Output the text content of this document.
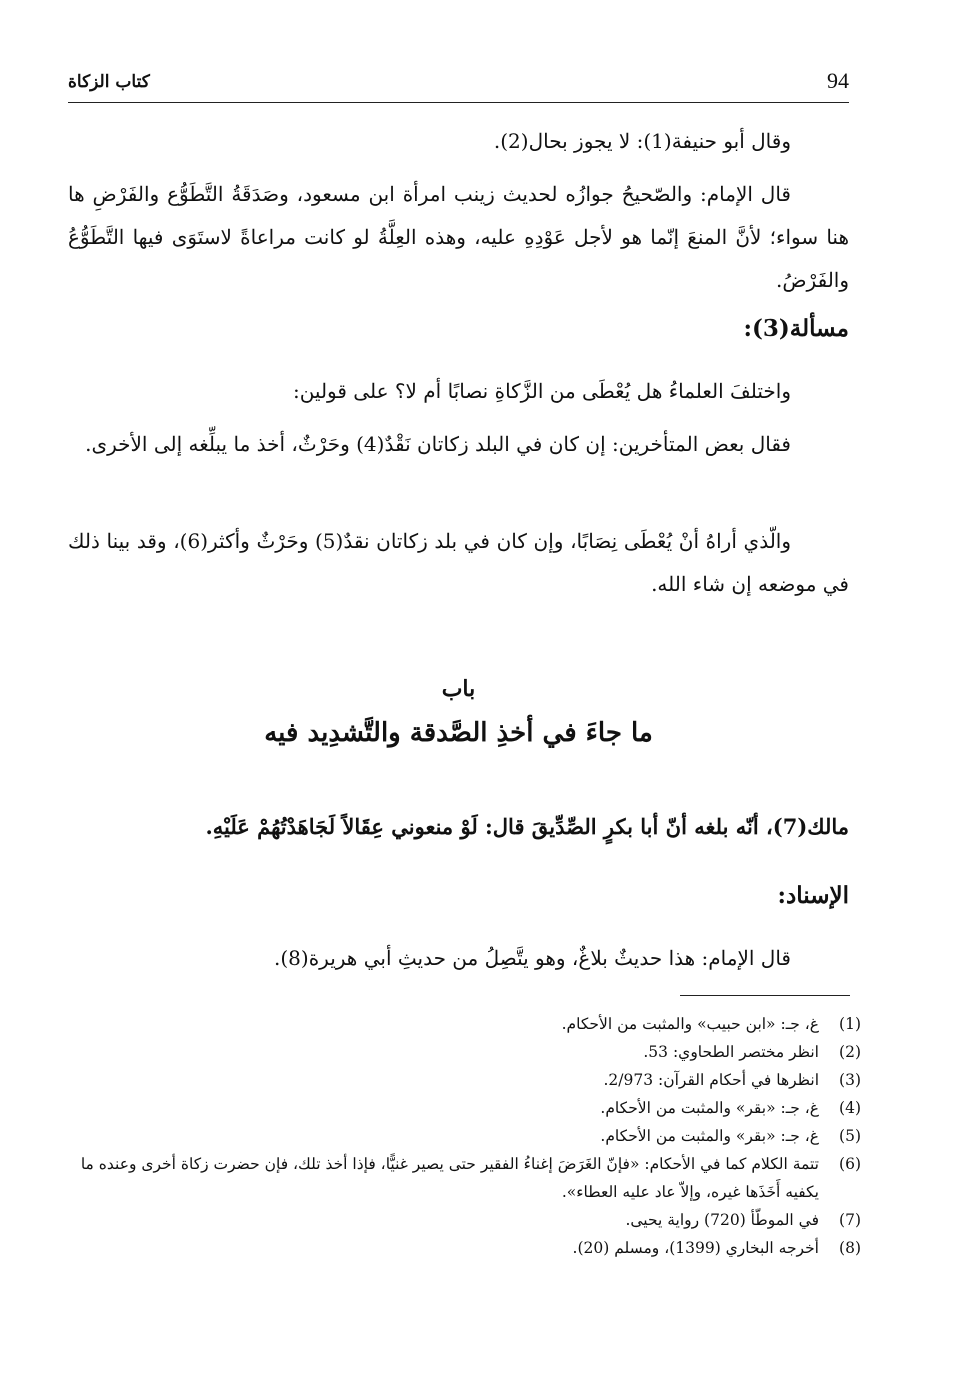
94
كتاب الزكاة
وقال أبو حنيفة(1): لا يجوز بحال(2).
قال الإمام: والصّحيحُ جوازُه لحديث زينب امرأة ابن مسعود، وصَدَقَةُ التَّطَوُّع والفَرْضِ ها هنا سواء؛ لأنَّ المنعَ إنّما هو لأجل عَوْدِهِ عليه، وهذه العِلَّةُ لو كانت مراعاةً لاستَوَى فيها التَّطَوُّعُ والفَرْضُ.
مسألة(3):
واختلفَ العلماءُ هل يُعْطَى من الزَّكاةِ نصابًا أم لا؟ على قولين:
فقال بعض المتأخرين: إن كان في البلد زكاتان نَقْدٌ(4) وحَرْثٌ، أخذ ما يبلِّغه إلى الأخرى.
والّذي أراهُ أنْ يُعْطَى نِصَابًا، وإن كان في بلد زكاتان نقدٌ(5) وحَرْثٌ وأكثر(6)، وقد بينا ذلك في موضعه إن شاء الله.
باب
ما جاءَ في أخذِ الصَّدقة والتَّشدِيد فيه
مالك(7)، أنّه بلغه أنّ أبا بكرٍ الصِّدِّيقَ قال: لَوْ منعوني عِقَالاً لَجَاهَدْتُهُمْ عَلَيْهِ.
الإسناد:
قال الإمام: هذا حديثٌ بلاغٌ، وهو يتَّصِلُ من حديثِ أبي هريرة(8).
(1)
غ، جـ: «ابن حبيب» والمثبت من الأحكام.
(2)
انظر مختصر الطحاوي: 53.
(3)
انظرها في أحكام القرآن: 2/973.
(4)
غ، جـ: «بقر» والمثبت من الأحكام.
(5)
غ، جـ: «بقر» والمثبت من الأحكام.
(6)
تتمة الكلام كما في الأحكام: «فإنّ الغَرَضَ إغناءُ الفقير حتى يصير غنيًّا، فإذا أخذ تلك، فإن حضرت زكاة أخرى وعنده ما يكفيه أَخَذَها غيره، وإلاّ عاد عليه العطاء».
(7)
في الموطّأ (720) رواية يحيى.
(8)
أخرجه البخاري (1399)، ومسلم (20).
